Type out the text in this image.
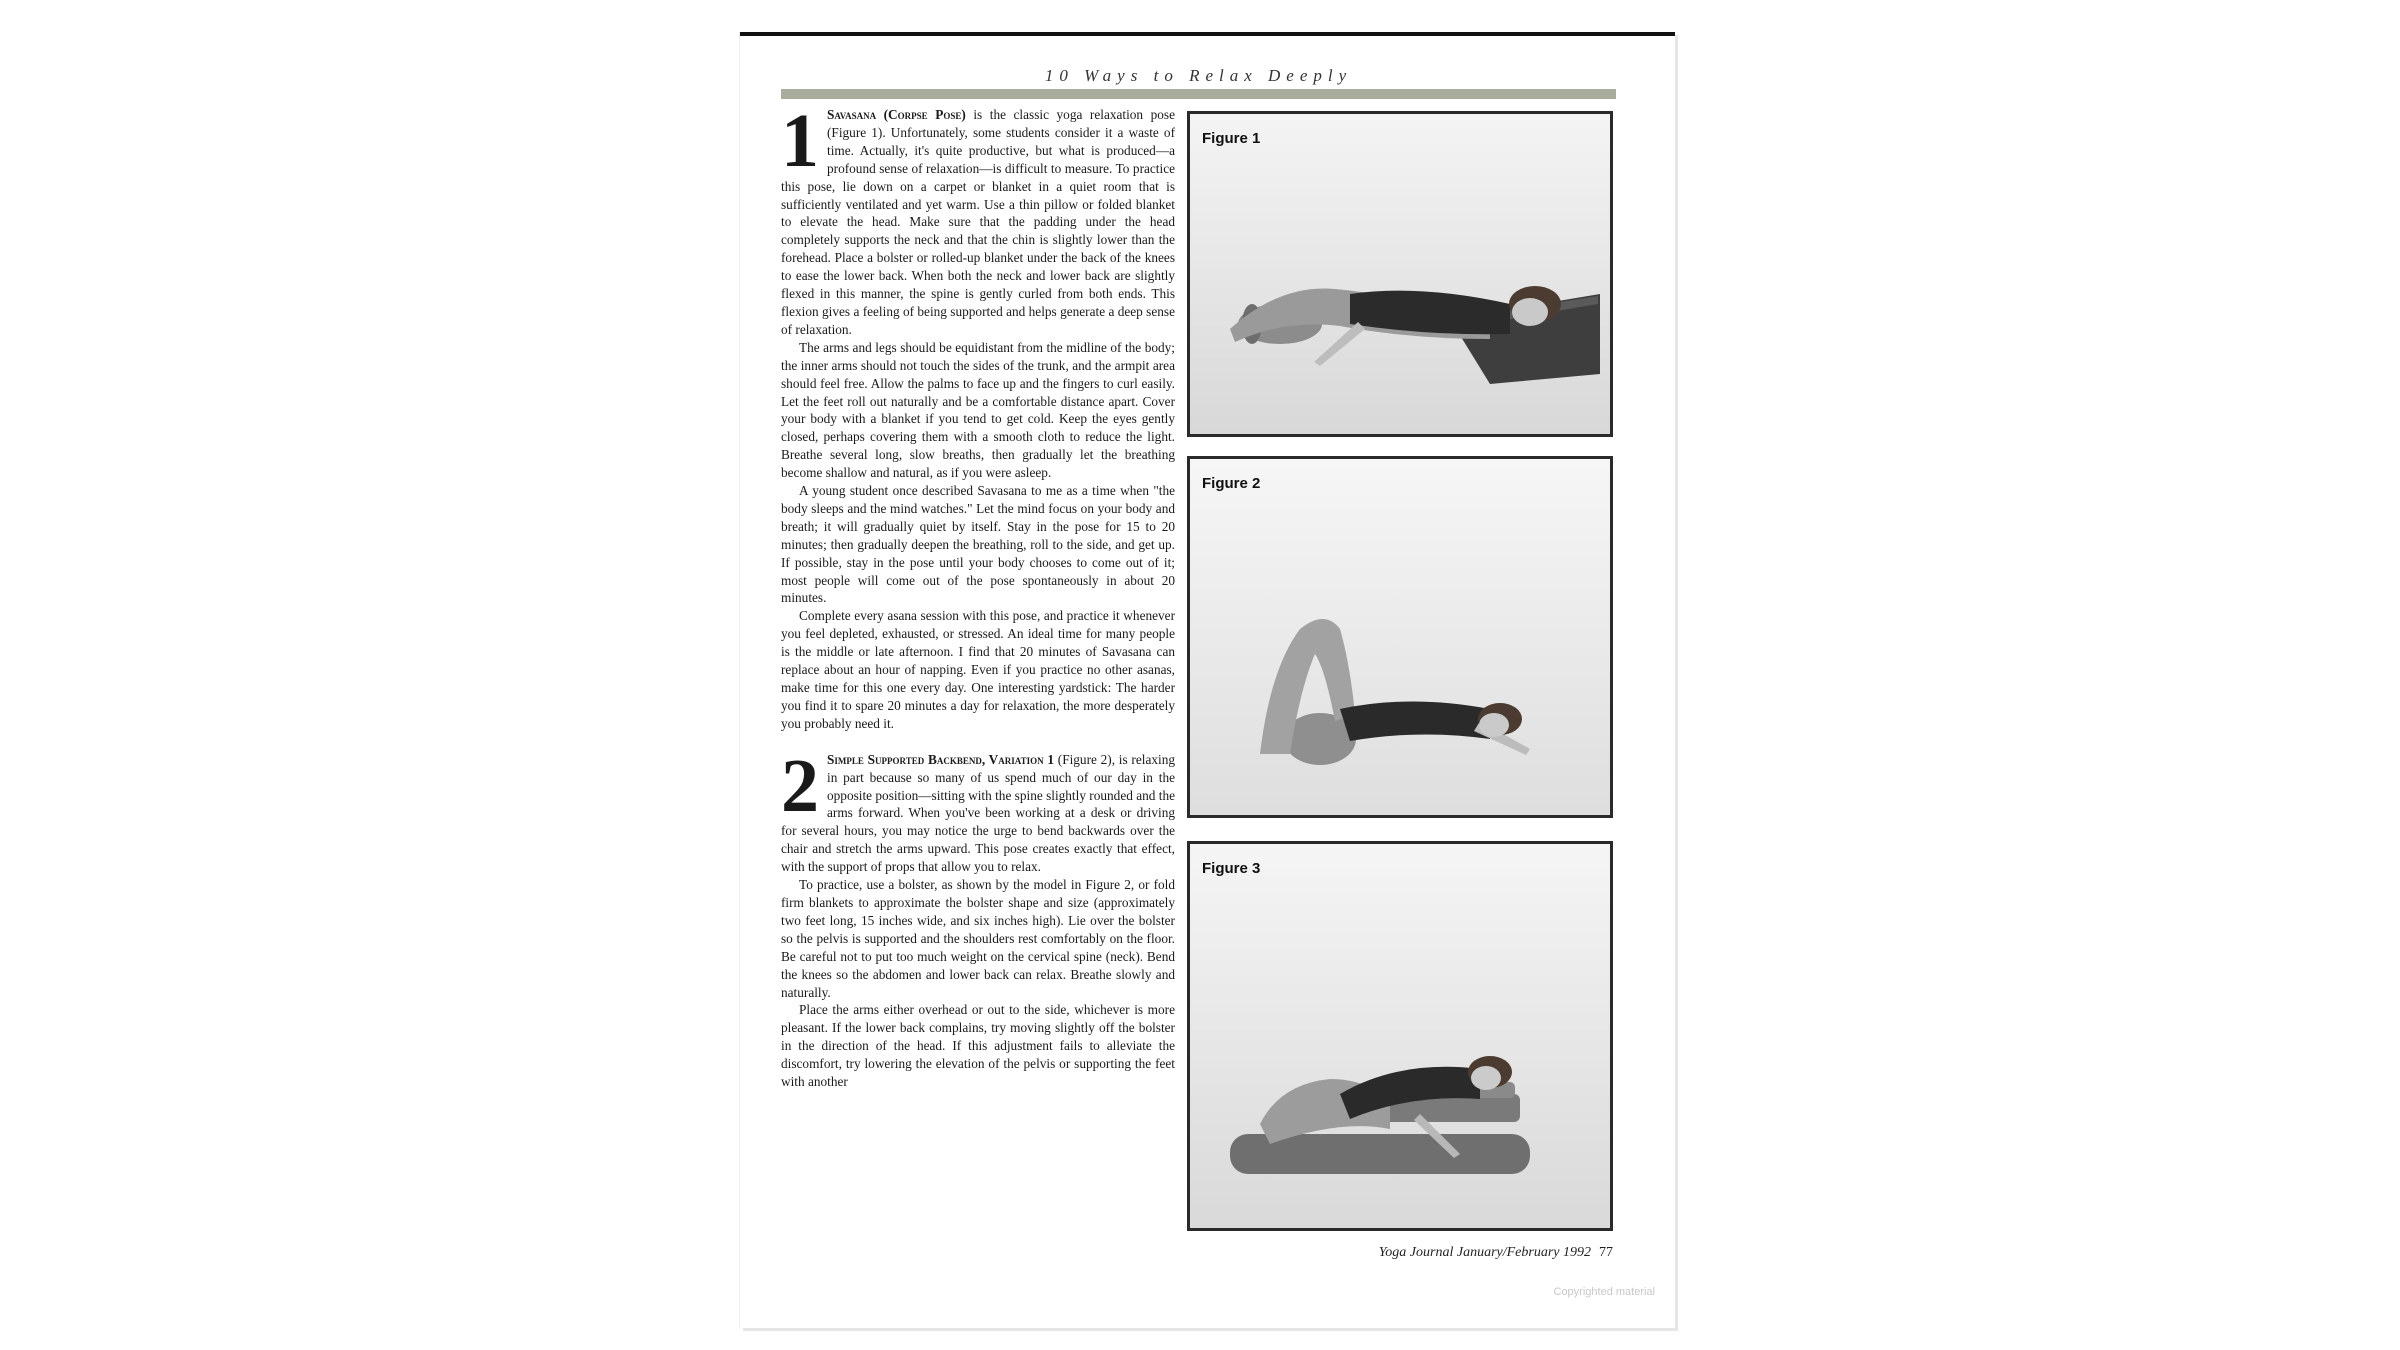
10 Ways to Relax Deeply
1 Savasana (Corpse Pose) is the classic yoga relaxation pose (Figure 1). Unfortunately, some students consider it a waste of time. Actually, it's quite productive, but what is produced—a profound sense of relaxation—is difficult to measure. To practice this pose, lie down on a carpet or blanket in a quiet room that is sufficiently ventilated and yet warm. Use a thin pillow or folded blanket to elevate the head. Make sure that the padding under the head completely supports the neck and that the chin is slightly lower than the forehead. Place a bolster or rolled-up blanket under the back of the knees to ease the lower back. When both the neck and lower back are slightly flexed in this manner, the spine is gently curled from both ends. This flexion gives a feeling of being supported and helps generate a deep sense of relaxation.

The arms and legs should be equidistant from the midline of the body; the inner arms should not touch the sides of the trunk, and the armpit area should feel free. Allow the palms to face up and the fingers to curl easily. Let the feet roll out naturally and be a comfortable distance apart. Cover your body with a blanket if you tend to get cold. Keep the eyes gently closed, perhaps covering them with a smooth cloth to reduce the light. Breathe several long, slow breaths, then gradually let the breathing become shallow and natural, as if you were asleep.

A young student once described Savasana to me as a time when "the body sleeps and the mind watches." Let the mind focus on your body and breath; it will gradually quiet by itself. Stay in the pose for 15 to 20 minutes; then gradually deepen the breathing, roll to the side, and get up. If possible, stay in the pose until your body chooses to come out of it; most people will come out of the pose spontaneously in about 20 minutes.

Complete every asana session with this pose, and practice it whenever you feel depleted, exhausted, or stressed. An ideal time for many people is the middle or late afternoon. I find that 20 minutes of Savasana can replace about an hour of napping. Even if you practice no other asanas, make time for this one every day. One interesting yardstick: The harder you find it to spare 20 minutes a day for relaxation, the more desperately you probably need it.

2 Simple Supported Backbend, Variation 1 (Figure 2), is relaxing in part because so many of us spend much of our day in the opposite position—sitting with the spine slightly rounded and the arms forward. When you've been working at a desk or driving for several hours, you may notice the urge to bend backwards over the chair and stretch the arms upward. This pose creates exactly that effect, with the support of props that allow you to relax.

To practice, use a bolster, as shown by the model in Figure 2, or fold firm blankets to approximate the bolster shape and size (approximately two feet long, 15 inches wide, and six inches high). Lie over the bolster so the pelvis is supported and the shoulders rest comfortably on the floor. Be careful not to put too much weight on the cervical spine (neck). Bend the knees so the abdomen and lower back can relax. Breathe slowly and naturally.

Place the arms either overhead or out to the side, whichever is more pleasant. If the lower back complains, try moving slightly off the bolster in the direction of the head. If this adjustment fails to alleviate the discomfort, try lowering the elevation of the pelvis or supporting the feet with another

Figure 1
Figure 2
Figure 3
Yoga Journal January/February 1992 77
Copyrighted material
